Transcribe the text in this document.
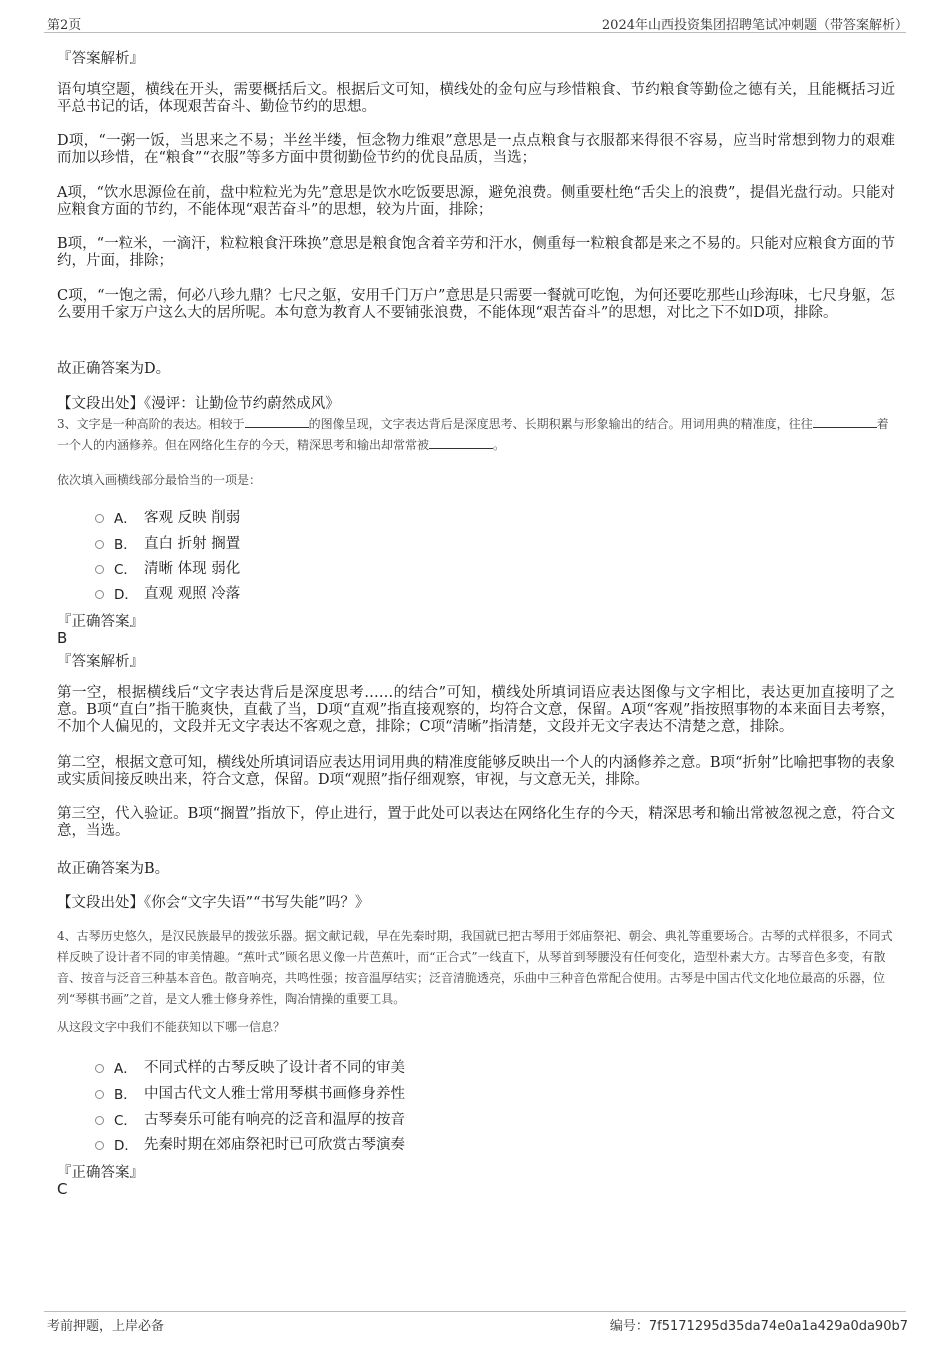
第2页	2024年山西投资集团招聘笔试冲刺题（带答案解析）
『答案解析』
语句填空题，横线在开头，需要概括后文。根据后文可知，横线处的金句应与珍惜粮食、节约粮食等勤俭之德有关，且能概括习近平总书记的话，体现艰苦奋斗、勤俭节约的思想。
D项，“一粥一饭，当思来之不易；半丝半缕，恒念物力维艰”意思是一点点粮食与衣服都来得很不容易，应当时常想到物力的艰难而加以珍惜，在“粮食”“衣服”等多方面中贯彻勤俭节约的优良品质，当选；
A项，“饮水思源俭在前，盘中粒粒光为先”意思是饮水吃饭要思源，避免浪费。侧重要杜绝“舌尖上的浪费”，提倡光盘行动。只能对应粮食方面的节约，不能体现“艰苦奋斗”的思想，较为片面，排除；
B项，“一粒米，一滴汗，粒粒粮食汗珠换”意思是粮食饱含着辛劳和汗水，侧重每一粒粮食都是来之不易的。只能对应粮食方面的节约，片面，排除；
C项，“一饱之需，何必八珍九鼎？七尺之躯，安用千门万户”意思是只需要一餐就可吃饱，为何还要吃那些山珍海味，七尺身躯，怎么要用千家万户这么大的居所呢。本句意为教育人不要铺张浪费，不能体现“艰苦奋斗”的思想，对比之下不如D项，排除。
故正确答案为D。
【文段出处】《漫评：让勤俭节约蔚然成风》
3、文字是一种高阶的表达。相较于	的图像呈现，文字表达背后是深度思考、长期积累与形象输出的结合。用词用典的精准度，往往	着一个人的内涵修养。但在网络化生存的今天，精深思考和输出却常常被	。
依次填入画横线部分最恰当的一项是：
A． 客观 反映 削弱
B． 直白 折射 搁置
C． 清晰 体现 弱化
D． 直观 观照 冷落
『正确答案』
B
『答案解析』
第一空，根据横线后“文字表达背后是深度思考……的结合”可知，横线处所填词语应表达图像与文字相比，表达更加直接明了之意。B项“直白”指干脆爽快，直截了当，D项“直观”指直接观察的，均符合文意，保留。A项“客观”指按照事物的本来面目去考察，不加个人偏见的，文段并无文字表达不客观之意，排除；C项“清晰”指清楚，文段并无文字表达不清楚之意，排除。
第二空，根据文意可知，横线处所填词语应表达用词用典的精准度能够反映出一个人的内涵修养之意。B项“折射”比喻把事物的表象或实质间接反映出来，符合文意，保留。D项“观照”指仔细观察，审视，与文意无关，排除。
第三空，代入验证。B项“搁置”指放下，停止进行，置于此处可以表达在网络化生存的今天，精深思考和输出常被忽视之意，符合文意，当选。
故正确答案为B。
【文段出处】《你会“文字失语”“书写失能”吗？》
4、古琴历史悠久，是汉民族最早的拨弦乐器。据文献记载，早在先秦时期，我国就已把古琴用于郊庙祭祀、朝会、典礼等重要场合。古琴的式样很多，不同式样反映了设计者不同的审美情趣。“蕉叶式”顾名思义像一片芭蕉叶，而“正合式”一线直下，从琴首到琴腰没有任何变化，造型朴素大方。古琴音色多变，有散音、按音与泛音三种基本音色。散音响亮，共鸣性强；按音温厚结实；泛音清脆透亮，乐曲中三种音色常配合使用。古琴是中国古代文化地位最高的乐器，位列“琴棋书画”之首，是文人雅士修身养性，陶冶情操的重要工具。
从这段文字中我们不能获知以下哪一信息？
A． 不同式样的古琴反映了设计者不同的审美
B． 中国古代文人雅士常用琴棋书画修身养性
C． 古琴奏乐可能有响亮的泛音和温厚的按音
D． 先秦时期在郊庙祭祀时已可欣赏古琴演奏
『正确答案』
C
考前押题，上岸必备	编号：7f5171295d35da74e0a1a429a0da90b7
